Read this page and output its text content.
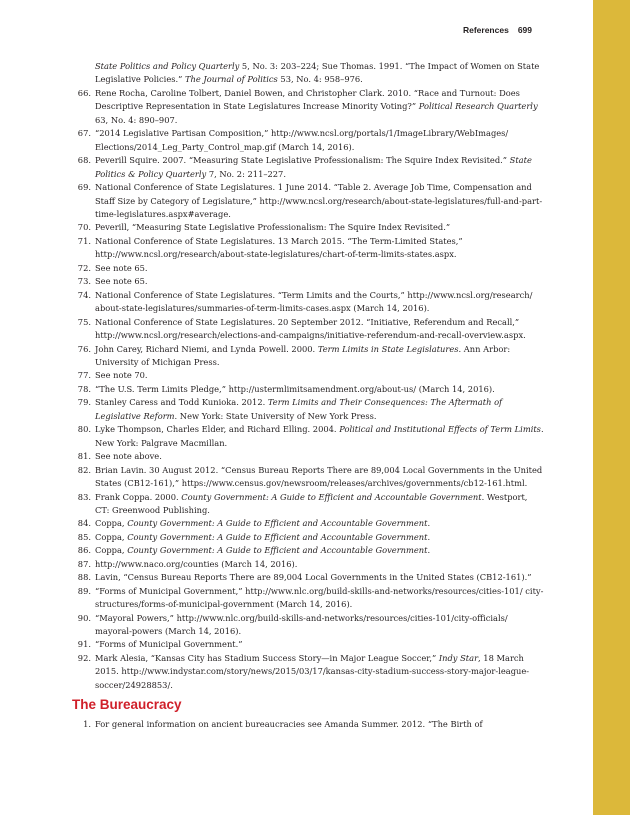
References 699
State Politics and Policy Quarterly 5, No. 3: 203–224; Sue Thomas. 1991. “The Impact of Women on State Legislative Policies.” The Journal of Politics 53, No. 4: 958–976.
66. Rene Rocha, Caroline Tolbert, Daniel Bowen, and Christopher Clark. 2010. “Race and Turnout: Does Descriptive Representation in State Legislatures Increase Minority Voting?” Political Research Quarterly 63, No. 4: 890–907.
67. “2014 Legislative Partisan Composition,” http://www.ncsl.org/portals/1/ImageLibrary/WebImages/ Elections/2014_Leg_Party_Control_map.gif (March 14, 2016).
68. Peverill Squire. 2007. “Measuring State Legislative Professionalism: The Squire Index Revisited.” State Politics & Policy Quarterly 7, No. 2: 211–227.
69. National Conference of State Legislatures. 1 June 2014. “Table 2. Average Job Time, Compensation and Staff Size by Category of Legislature,” http://www.ncsl.org/research/about-state-legislatures/full-and-part-time-legislatures.aspx#average.
70. Peverill, “Measuring State Legislative Professionalism: The Squire Index Revisited.”
71. National Conference of State Legislatures. 13 March 2015. “The Term-Limited States,” http://www.ncsl.org/research/about-state-legislatures/chart-of-term-limits-states.aspx.
72. See note 65.
73. See note 65.
74. National Conference of State Legislatures. “Term Limits and the Courts,” http://www.ncsl.org/research/ about-state-legislatures/summaries-of-term-limits-cases.aspx (March 14, 2016).
75. National Conference of State Legislatures. 20 September 2012. “Initiative, Referendum and Recall,” http://www.ncsl.org/research/elections-and-campaigns/initiative-referendum-and-recall-overview.aspx.
76. John Carey, Richard Niemi, and Lynda Powell. 2000. Term Limits in State Legislatures. Ann Arbor: University of Michigan Press.
77. See note 70.
78. “The U.S. Term Limits Pledge,” http://ustermlimitsamendment.org/about-us/ (March 14, 2016).
79. Stanley Caress and Todd Kunioka. 2012. Term Limits and Their Consequences: The Aftermath of Legislative Reform. New York: State University of New York Press.
80. Lyke Thompson, Charles Elder, and Richard Elling. 2004. Political and Institutional Effects of Term Limits. New York: Palgrave Macmillan.
81. See note above.
82. Brian Lavin. 30 August 2012. “Census Bureau Reports There are 89,004 Local Governments in the United States (CB12-161),” https://www.census.gov/newsroom/releases/archives/governments/cb12-161.html.
83. Frank Coppa. 2000. County Government: A Guide to Efficient and Accountable Government. Westport, CT: Greenwood Publishing.
84. Coppa, County Government: A Guide to Efficient and Accountable Government.
85. Coppa, County Government: A Guide to Efficient and Accountable Government.
86. Coppa, County Government: A Guide to Efficient and Accountable Government.
87. http://www.naco.org/counties (March 14, 2016).
88. Lavin, “Census Bureau Reports There are 89,004 Local Governments in the United States (CB12-161).”
89. “Forms of Municipal Government,” http://www.nlc.org/build-skills-and-networks/resources/cities-101/ city-structures/forms-of-municipal-government (March 14, 2016).
90. “Mayoral Powers,” http://www.nlc.org/build-skills-and-networks/resources/cities-101/city-officials/ mayoral-powers (March 14, 2016).
91. “Forms of Municipal Government.”
92. Mark Alesia, “Kansas City has Stadium Success Story—in Major League Soccer,” Indy Star, 18 March 2015. http://www.indystar.com/story/news/2015/03/17/kansas-city-stadium-success-story-major-league-soccer/24928853/.
The Bureaucracy
1. For general information on ancient bureaucracies see Amanda Summer. 2012. “The Birth of
